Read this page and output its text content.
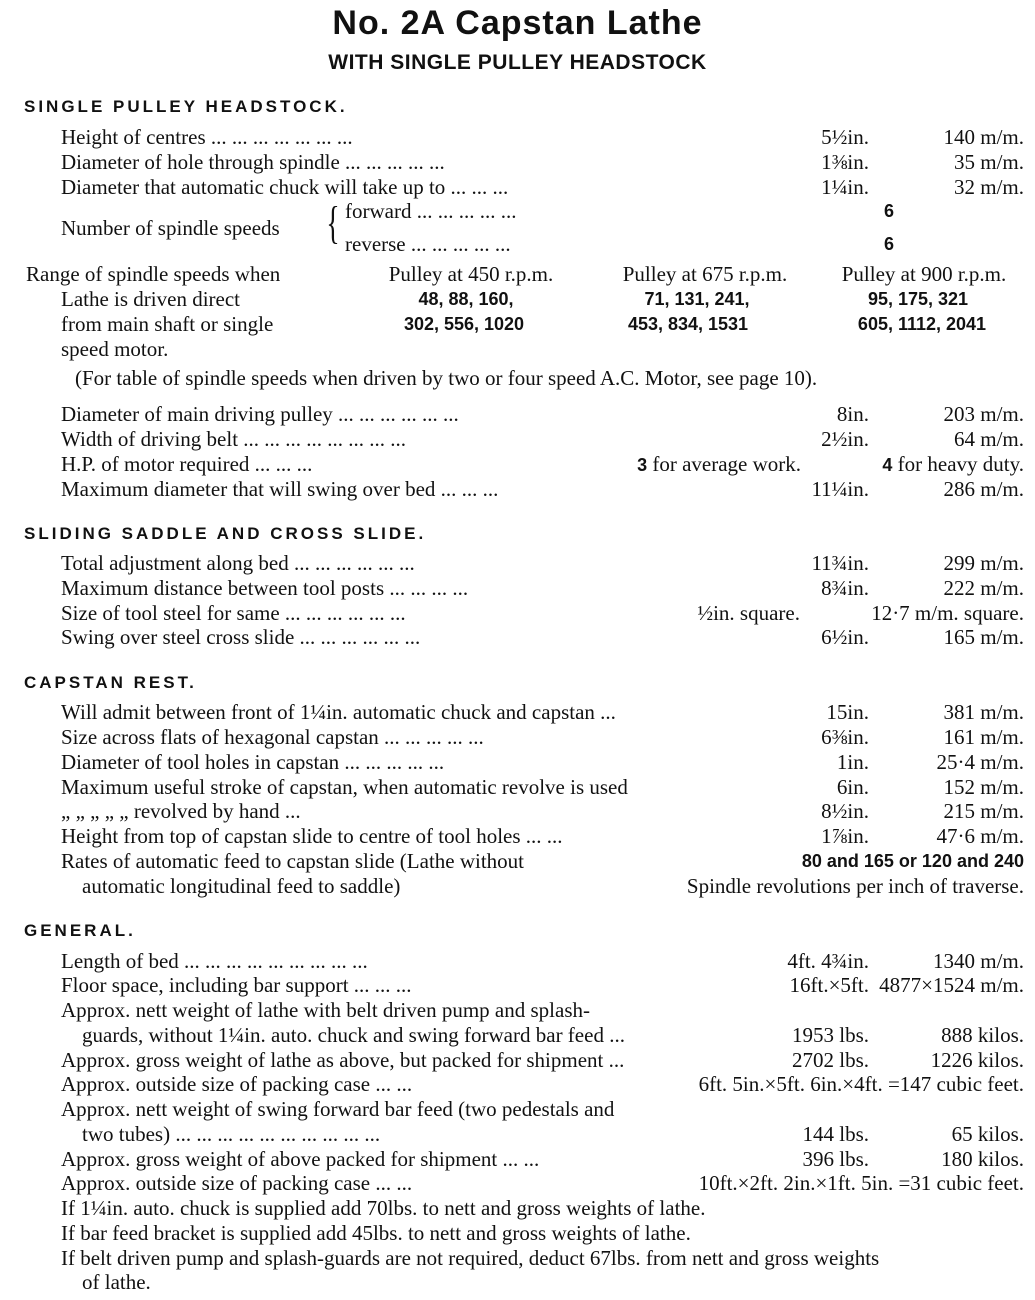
No. 2A Capstan Lathe
WITH SINGLE PULLEY HEADSTOCK
SINGLE PULLEY HEADSTOCK.
Height of centres ... ... ... ... ... ... ...	5½in.	140 m/m.
Diameter of hole through spindle ... ... ... ... ...	1⅜in.	35 m/m.
Diameter that automatic chuck will take up to ... ... ...	1¼in.	32 m/m.
Number of spindle speeds { forward ... ... ... ... ...	6
reverse ... ... ... ... ...	6
Range of spindle speeds when	Pulley at 450 r.p.m.	Pulley at 675 r.p.m.	Pulley at 900 r.p.m.
Lathe is driven direct	48, 88, 160,	71, 131, 241,	95, 175, 321
from main shaft or single	302, 556, 1020	453, 834, 1531	605, 1112, 2041
speed motor.
(For table of spindle speeds when driven by two or four speed A.C. Motor, see page 10).
Diameter of main driving pulley ... ... ... ... ... ...	8in.	203 m/m.
Width of driving belt ... ... ... ... ... ... ... ...	2½in.	64 m/m.
H.P. of motor required ... ... ...	3 for average work.	4 for heavy duty.
Maximum diameter that will swing over bed ... ... ...	11¼in.	286 m/m.
SLIDING SADDLE AND CROSS SLIDE.
Total adjustment along bed ... ... ... ... ... ...	11¾in.	299 m/m.
Maximum distance between tool posts ... ... ... ...	8¾in.	222 m/m.
Size of tool steel for same ... ... ... ... ... ...	½in. square.	12·7 m/m. square.
Swing over steel cross slide ... ... ... ... ... ...	6½in.	165 m/m.
CAPSTAN REST.
Will admit between front of 1¼in. automatic chuck and capstan ...	15in.	381 m/m.
Size across flats of hexagonal capstan ... ... ... ... ...	6⅜in.	161 m/m.
Diameter of tool holes in capstan ... ... ... ... ...	1in.	25·4 m/m.
Maximum useful stroke of capstan, when automatic revolve is used	6in.	152 m/m.
„ „ „ „ „ revolved by hand ...	8½in.	215 m/m.
Height from top of capstan slide to centre of tool holes ... ...	1⅞in.	47·6 m/m.
Rates of automatic feed to capstan slide (Lathe without	80 and 165 or 120 and 240
automatic longitudinal feed to saddle)	Spindle revolutions per inch of traverse.
GENERAL.
Length of bed ... ... ... ... ... ... ... ... ...	4ft. 4¾in.	1340 m/m.
Floor space, including bar support ... ... ...	16ft.×5ft. 4877×1524 m/m.
Approx. nett weight of lathe with belt driven pump and splash-
guards, without 1¼in. auto. chuck and swing forward bar feed ...	1953 lbs.	888 kilos.
Approx. gross weight of lathe as above, but packed for shipment ...	2702 lbs.	1226 kilos.
Approx. outside size of packing case ... ...	6ft. 5in.×5ft. 6in.×4ft. =147 cubic feet.
Approx. nett weight of swing forward bar feed (two pedestals and
two tubes) ... ... ... ... ... ... ... ... ... ...	144 lbs.	65 kilos.
Approx. gross weight of above packed for shipment ... ...	396 lbs.	180 kilos.
Approx. outside size of packing case ... ...	10ft.×2ft. 2in.×1ft. 5in. =31 cubic feet.
If 1¼in. auto. chuck is supplied add 70lbs. to nett and gross weights of lathe.
If bar feed bracket is supplied add 45lbs. to nett and gross weights of lathe.
If belt driven pump and splash-guards are not required, deduct 67lbs. from nett and gross weights
of lathe.
